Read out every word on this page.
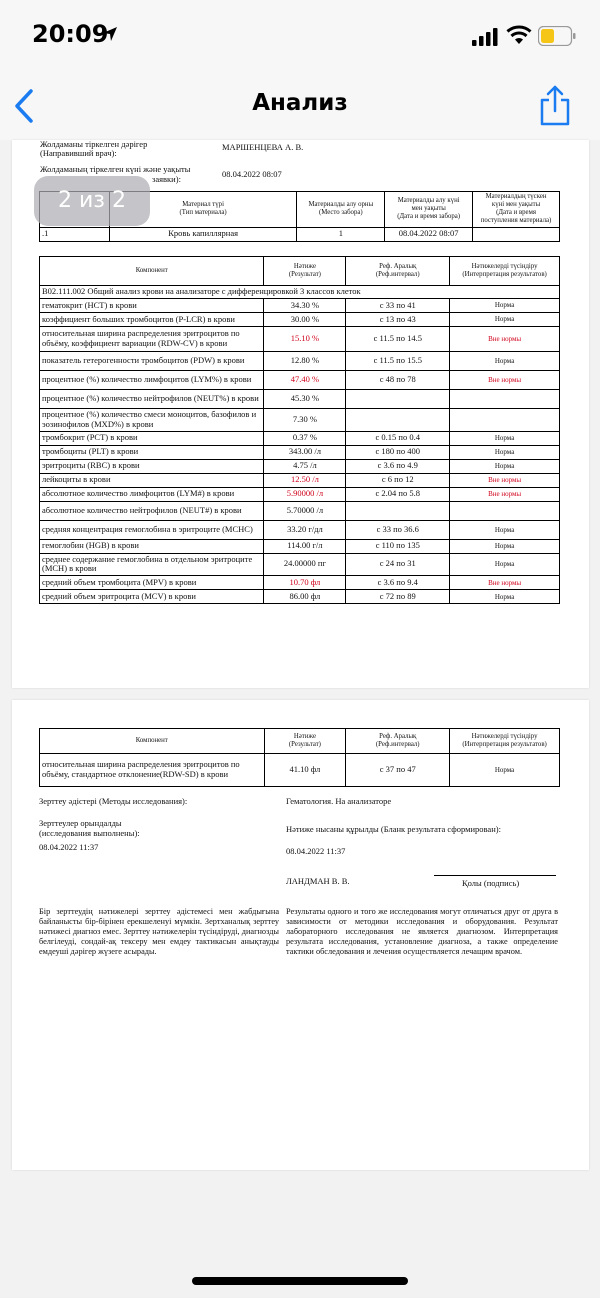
20:09
Анализ
Жолдаманы тіркелген дәрігер
(Направивший врач):
МАРШЕНЦЕВА А. В.
Жолдаманың тіркелген күні және уақыты
заявки):	08.04.2022 08:07
	Материал түрі
(Тип материала)	Материалды алу орны
(Место забора)	Материалды алу күні
мен уақыты
(Дата и время забора)	Материалдың түскен
күні мен уақыты
(Дата и время
поступления материала)
.1	Кровь капиллярная	1	08.04.2022 08:07	
Компонент	Нәтиже
(Результат)	Реф. Аралық
(Реф.интервал)	Нәтижелерді түсіндіру
(Интерпретация результатов)
B02.111.002 Общий анализ крови на анализаторе с дифференцировкой 3 классов клеток			
гематокрит (HCT) в крови	34.30 %	с 33 по 41	Норма
коэффициент больших тромбоцитов (P-LCR) в крови	30.00 %	с 13 по 43	Норма
относительная ширина распределения эритроцитов по объёму, коэффициент вариации (RDW-CV) в крови	15.10 %	с 11.5 по 14.5	Вне нормы
показатель гетерогенности тромбоцитов (PDW) в крови	12.80 %	с 11.5 по 15.5	Норма
процентное (%) количество лимфоцитов (LYM%) в крови	47.40 %	с 48 по 78	Вне нормы
процентное (%) количество нейтрофилов (NEUT%) в крови	45.30 %		
процентное (%) количество смеси моноцитов, базофилов и эозинофилов (MXD%) в крови	7.30 %		
тромбокрит (PCT) в крови	0.37 %	с 0.15 по 0.4	Норма
тромбоциты (PLT) в крови	343.00 /л	с 180 по 400	Норма
эритроциты (RBC) в крови	4.75 /л	с 3.6 по 4.9	Норма
лейкоциты в крови	12.50 /л	с 6 по 12	Вне нормы
абсолютное количество лимфоцитов (LYM#) в крови	5.90000 /л	с 2.04 по 5.8	Вне нормы
абсолютное количество нейтрофилов (NEUT#) в крови	5.70000 /л		
средняя концентрация гемоглобина в эритроците (MCHC)	33.20 г/дл	с 33 по 36.6	Норма
гемоглобин (HGB) в крови	114.00 г/л	с 110 по 135	Норма
среднее содержание гемоглобина в отдельном эритроците (MCH) в крови	24.00000 пг	с 24 по 31	Норма
средний объем тромбоцита (MPV) в крови	10.70 фл	с 3.6 по 9.4	Вне нормы
средний объем эритроцита (MCV) в крови	86.00 фл	с 72 по 89	Норма
2 из 2
Компонент	Нәтиже
(Результат)	Реф. Аралық
(Реф.интервал)	Нәтижелерді түсіндіру
(Интерпретация результатов)
относительная ширина распределения эритроцитов по объёму, стандартное отклонение(RDW-SD) в крови	41.10 фл	с 37 по 47	Норма
Зерттеу әдістері (Методы исследования):	Гематология. На анализаторе
Зерттеулер орындалды
(исследования выполнены):
08.04.2022 11:37
Нәтиже нысаны құрылды (Бланк результата сформирован):
08.04.2022 11:37
ЛАНДМАН В. В.	Қолы (подпись)
Бір зерттеудің нәтижелері зерттеу әдістемесі мен жабдығына байланысты бір-бірінен ерекшеленуі мүмкін. Зертханалық зерттеу нәтижесі диагноз емес. Зерттеу нәтижелерін түсіндіруді, диагнозды белгілеуді, сондай-ақ тексеру мен емдеу тактикасын анықтауды емдеуші дәрігер жүзеге асырады.
Результаты одного и того же исследования могут отличаться друг от друга в зависимости от методики исследования и оборудования. Результат лабораторного исследования не является диагнозом. Интерпретация результата исследования, установление диагноза, а также определение тактики обследования и лечения осуществляется лечащим врачом.
